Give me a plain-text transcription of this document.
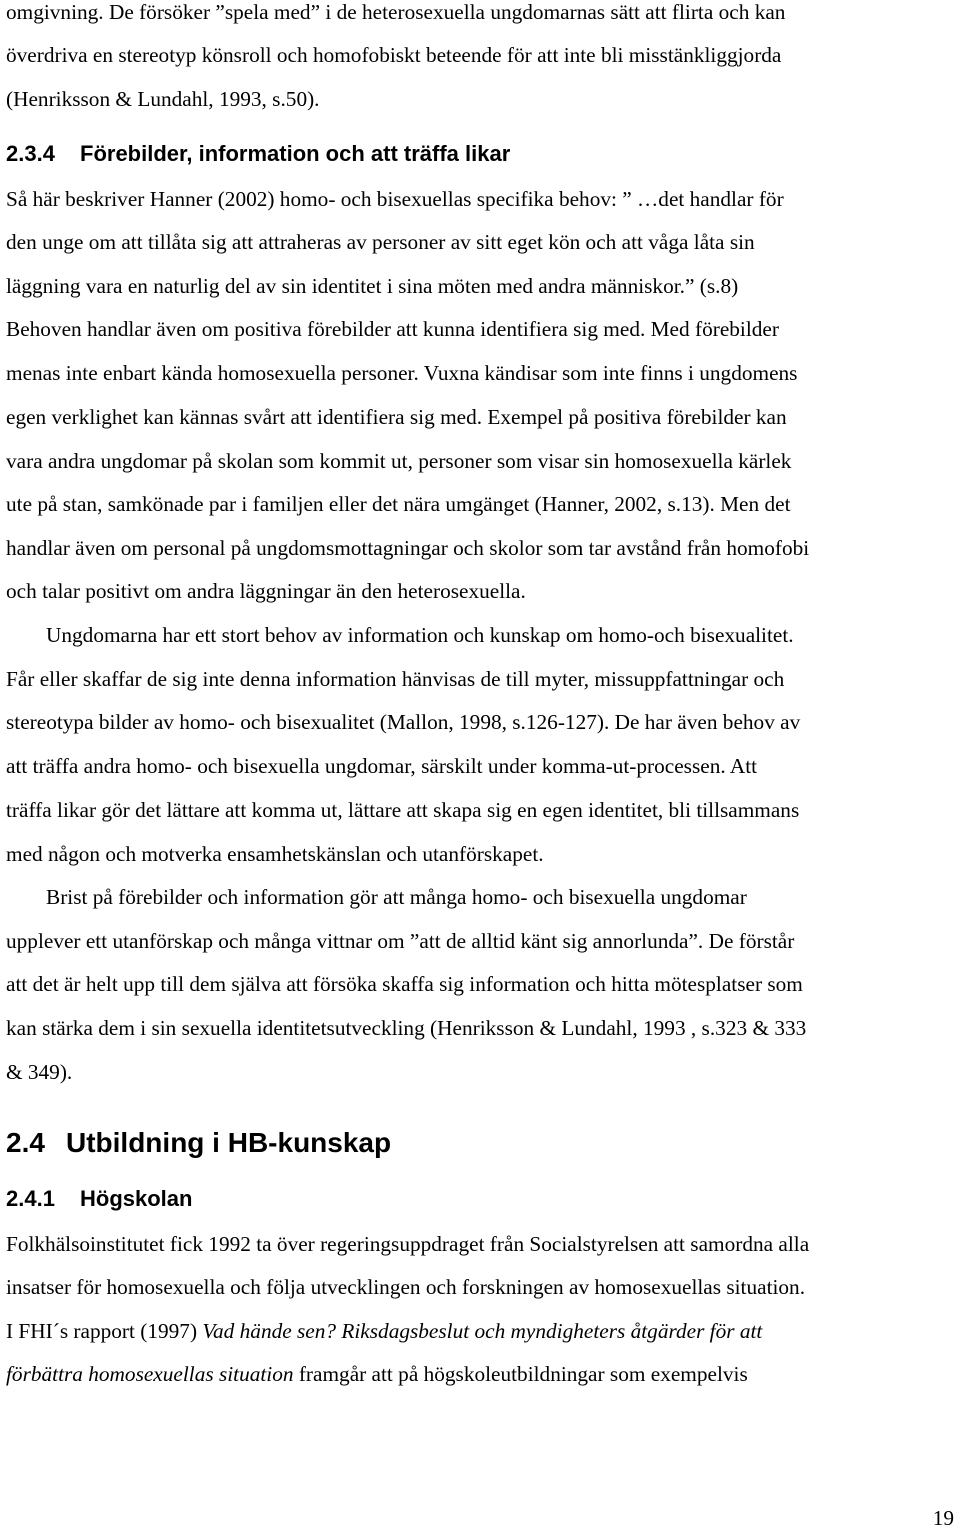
omgivning. De försöker ”spela med” i de heterosexuella ungdomarnas sätt att flirta och kan
överdriva en stereotyp könsroll och homofobiskt beteende för att inte bli misstänkliggjorda
(Henriksson & Lundahl, 1993, s.50).
2.3.4 Förebilder, information och att träffa likar
Så här beskriver Hanner (2002) homo- och bisexuellas specifika behov: ” …det handlar för
den unge om att tillåta sig att attraheras av personer av sitt eget kön och att våga låta sin
läggning vara en naturlig del av sin identitet i sina möten med andra människor.” (s.8)
Behoven handlar även om positiva förebilder att kunna identifiera sig med. Med förebilder
menas inte enbart kända homosexuella personer. Vuxna kändisar som inte finns i ungdomens
egen verklighet kan kännas svårt att identifiera sig med. Exempel på positiva förebilder kan
vara andra ungdomar på skolan som kommit ut, personer som visar sin homosexuella kärlek
ute på stan, samkönade par i familjen eller det nära umgänget (Hanner, 2002, s.13). Men det
handlar även om personal på ungdomsmottagningar och skolor som tar avstånd från homofobi
och talar positivt om andra läggningar än den heterosexuella.
Ungdomarna har ett stort behov av information och kunskap om homo-och bisexualitet.
Får eller skaffar de sig inte denna information hänvisas de till myter, missuppfattningar och
stereotypa bilder av homo- och bisexualitet (Mallon, 1998, s.126-127). De har även behov av
att träffa andra homo- och bisexuella ungdomar, särskilt under komma-ut-processen. Att
träffa likar gör det lättare att komma ut, lättare att skapa sig en egen identitet, bli tillsammans
med någon och motverka ensamhetskänslan och utanförskapet.
Brist på förebilder och information gör att många homo- och bisexuella ungdomar
upplever ett utanförskap och många vittnar om ”att de alltid känt sig annorlunda”. De förstår
att det är helt upp till dem själva att försöka skaffa sig information och hitta mötesplatser som
kan stärka dem i sin sexuella identitetsutveckling (Henriksson & Lundahl, 1993 , s.323 & 333
& 349).
2.4 Utbildning i HB-kunskap
2.4.1 Högskolan
Folkhälsoinstitutet fick 1992 ta över regeringsuppdraget från Socialstyrelsen att samordna alla
insatser för homosexuella och följa utvecklingen och forskningen av homosexuellas situation.
I FHI´s rapport (1997) Vad hände sen? Riksdagsbeslut och myndigheters åtgärder för att
förbättra homosexuellas situation framgår att på högskoleutbildningar som exempelvis
19
